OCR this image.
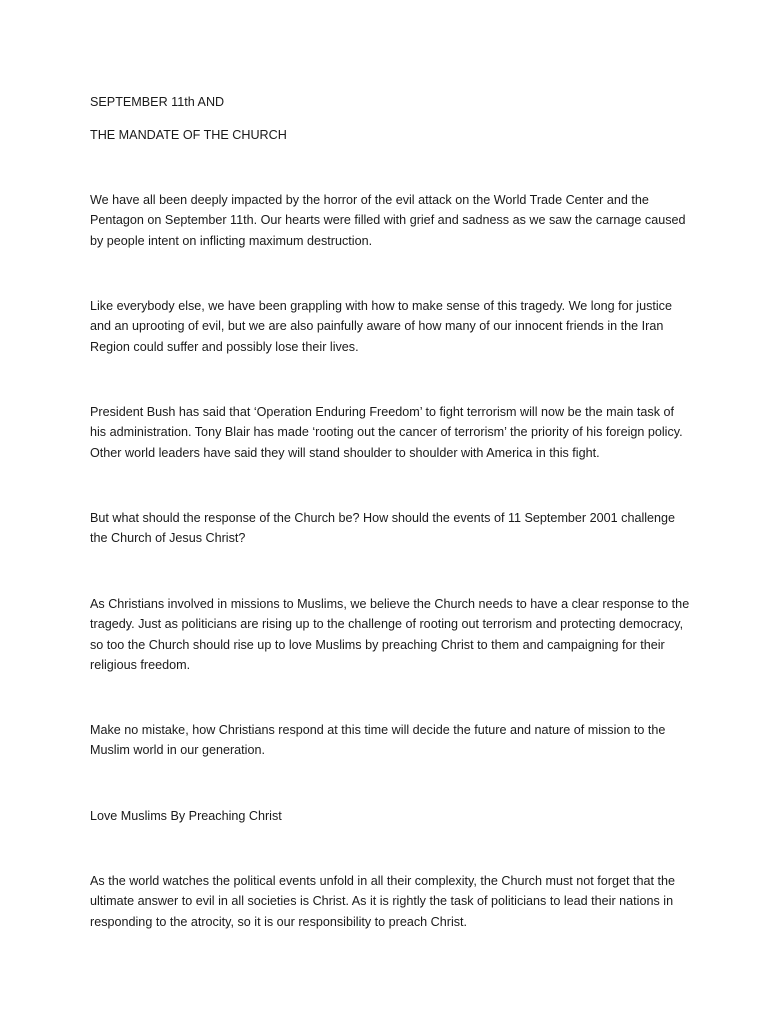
SEPTEMBER 11th AND
THE MANDATE OF THE CHURCH
We have all been deeply impacted by the horror of the evil attack on the World Trade Center and the Pentagon on September 11th. Our hearts were filled with grief and sadness as we saw the carnage caused by people intent on inflicting maximum destruction.
Like everybody else, we have been grappling with how to make sense of this tragedy. We long for justice and an uprooting of evil, but we are also painfully aware of how many of our innocent friends in the Iran Region could suffer and possibly lose their lives.
President Bush has said that ‘Operation Enduring Freedom’ to fight terrorism will now be the main task of his administration. Tony Blair has made ‘rooting out the cancer of terrorism’ the priority of his foreign policy. Other world leaders have said they will stand shoulder to shoulder with America in this fight.
But what should the response of the Church be? How should the events of 11 September 2001 challenge the Church of Jesus Christ?
As Christians involved in missions to Muslims, we believe the Church needs to have a clear response to the tragedy. Just as politicians are rising up to the challenge of rooting out terrorism and protecting democracy, so too the Church should rise up to love Muslims by preaching Christ to them and campaigning for their religious freedom.
Make no mistake, how Christians respond at this time will decide the future and nature of mission to the Muslim world in our generation.
Love Muslims By Preaching Christ
As the world watches the political events unfold in all their complexity, the Church must not forget that the ultimate answer to evil in all societies is Christ. As it is rightly the task of politicians to lead their nations in responding to the atrocity, so it is our responsibility to preach Christ.
